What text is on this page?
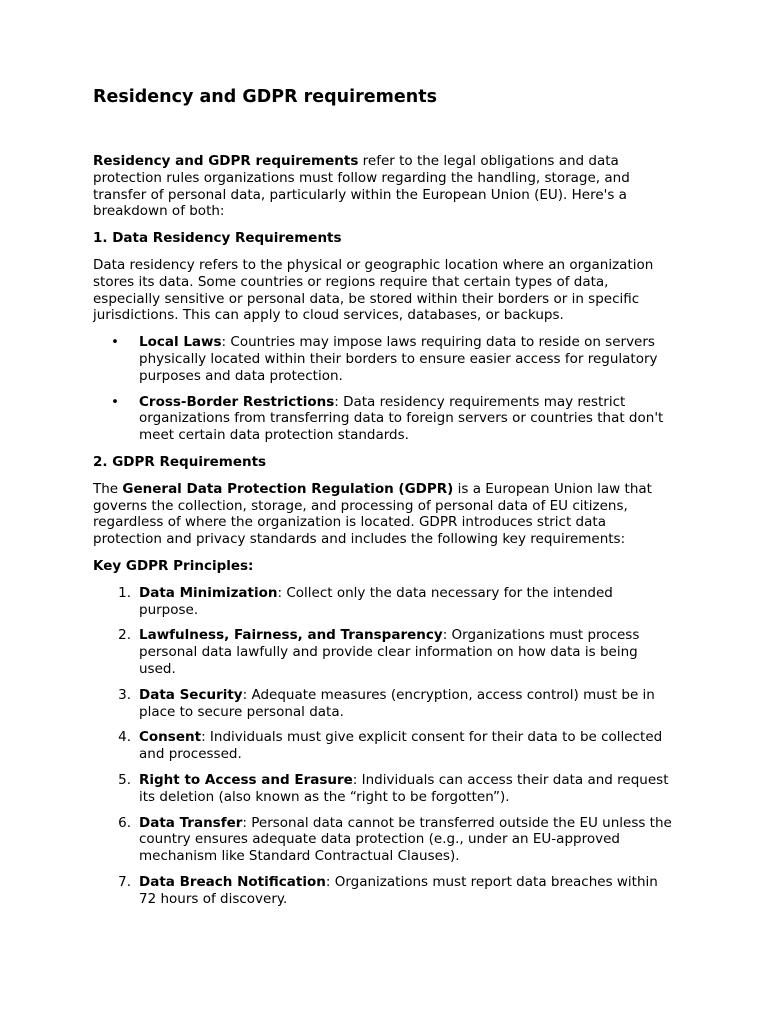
Residency and GDPR requirements

Residency and GDPR requirements refer to the legal obligations and data protection rules organizations must follow regarding the handling, storage, and transfer of personal data, particularly within the European Union (EU). Here's a breakdown of both:

1. Data Residency Requirements

Data residency refers to the physical or geographic location where an organization stores its data. Some countries or regions require that certain types of data, especially sensitive or personal data, be stored within their borders or in specific jurisdictions. This can apply to cloud services, databases, or backups.

• Local Laws: Countries may impose laws requiring data to reside on servers physically located within their borders to ensure easier access for regulatory purposes and data protection.
• Cross-Border Restrictions: Data residency requirements may restrict organizations from transferring data to foreign servers or countries that don't meet certain data protection standards.
2. GDPR Requirements

The General Data Protection Regulation (GDPR) is a European Union law that governs the collection, storage, and processing of personal data of EU citizens, regardless of where the organization is located. GDPR introduces strict data protection and privacy standards and includes the following key requirements:

Key GDPR Principles:
1. Data Minimization: Collect only the data necessary for the intended purpose.
2. Lawfulness, Fairness, and Transparency: Organizations must process personal data lawfully and provide clear information on how data is being used.
3. Data Security: Adequate measures (encryption, access control) must be in place to secure personal data.
4. Consent: Individuals must give explicit consent for their data to be collected and processed.
5. Right to Access and Erasure: Individuals can access their data and request its deletion (also known as the “right to be forgotten”).
6. Data Transfer: Personal data cannot be transferred outside the EU unless the country ensures adequate data protection (e.g., under an EU-approved mechanism like Standard Contractual Clauses).
7. Data Breach Notification: Organizations must report data breaches within 72 hours of discovery.
